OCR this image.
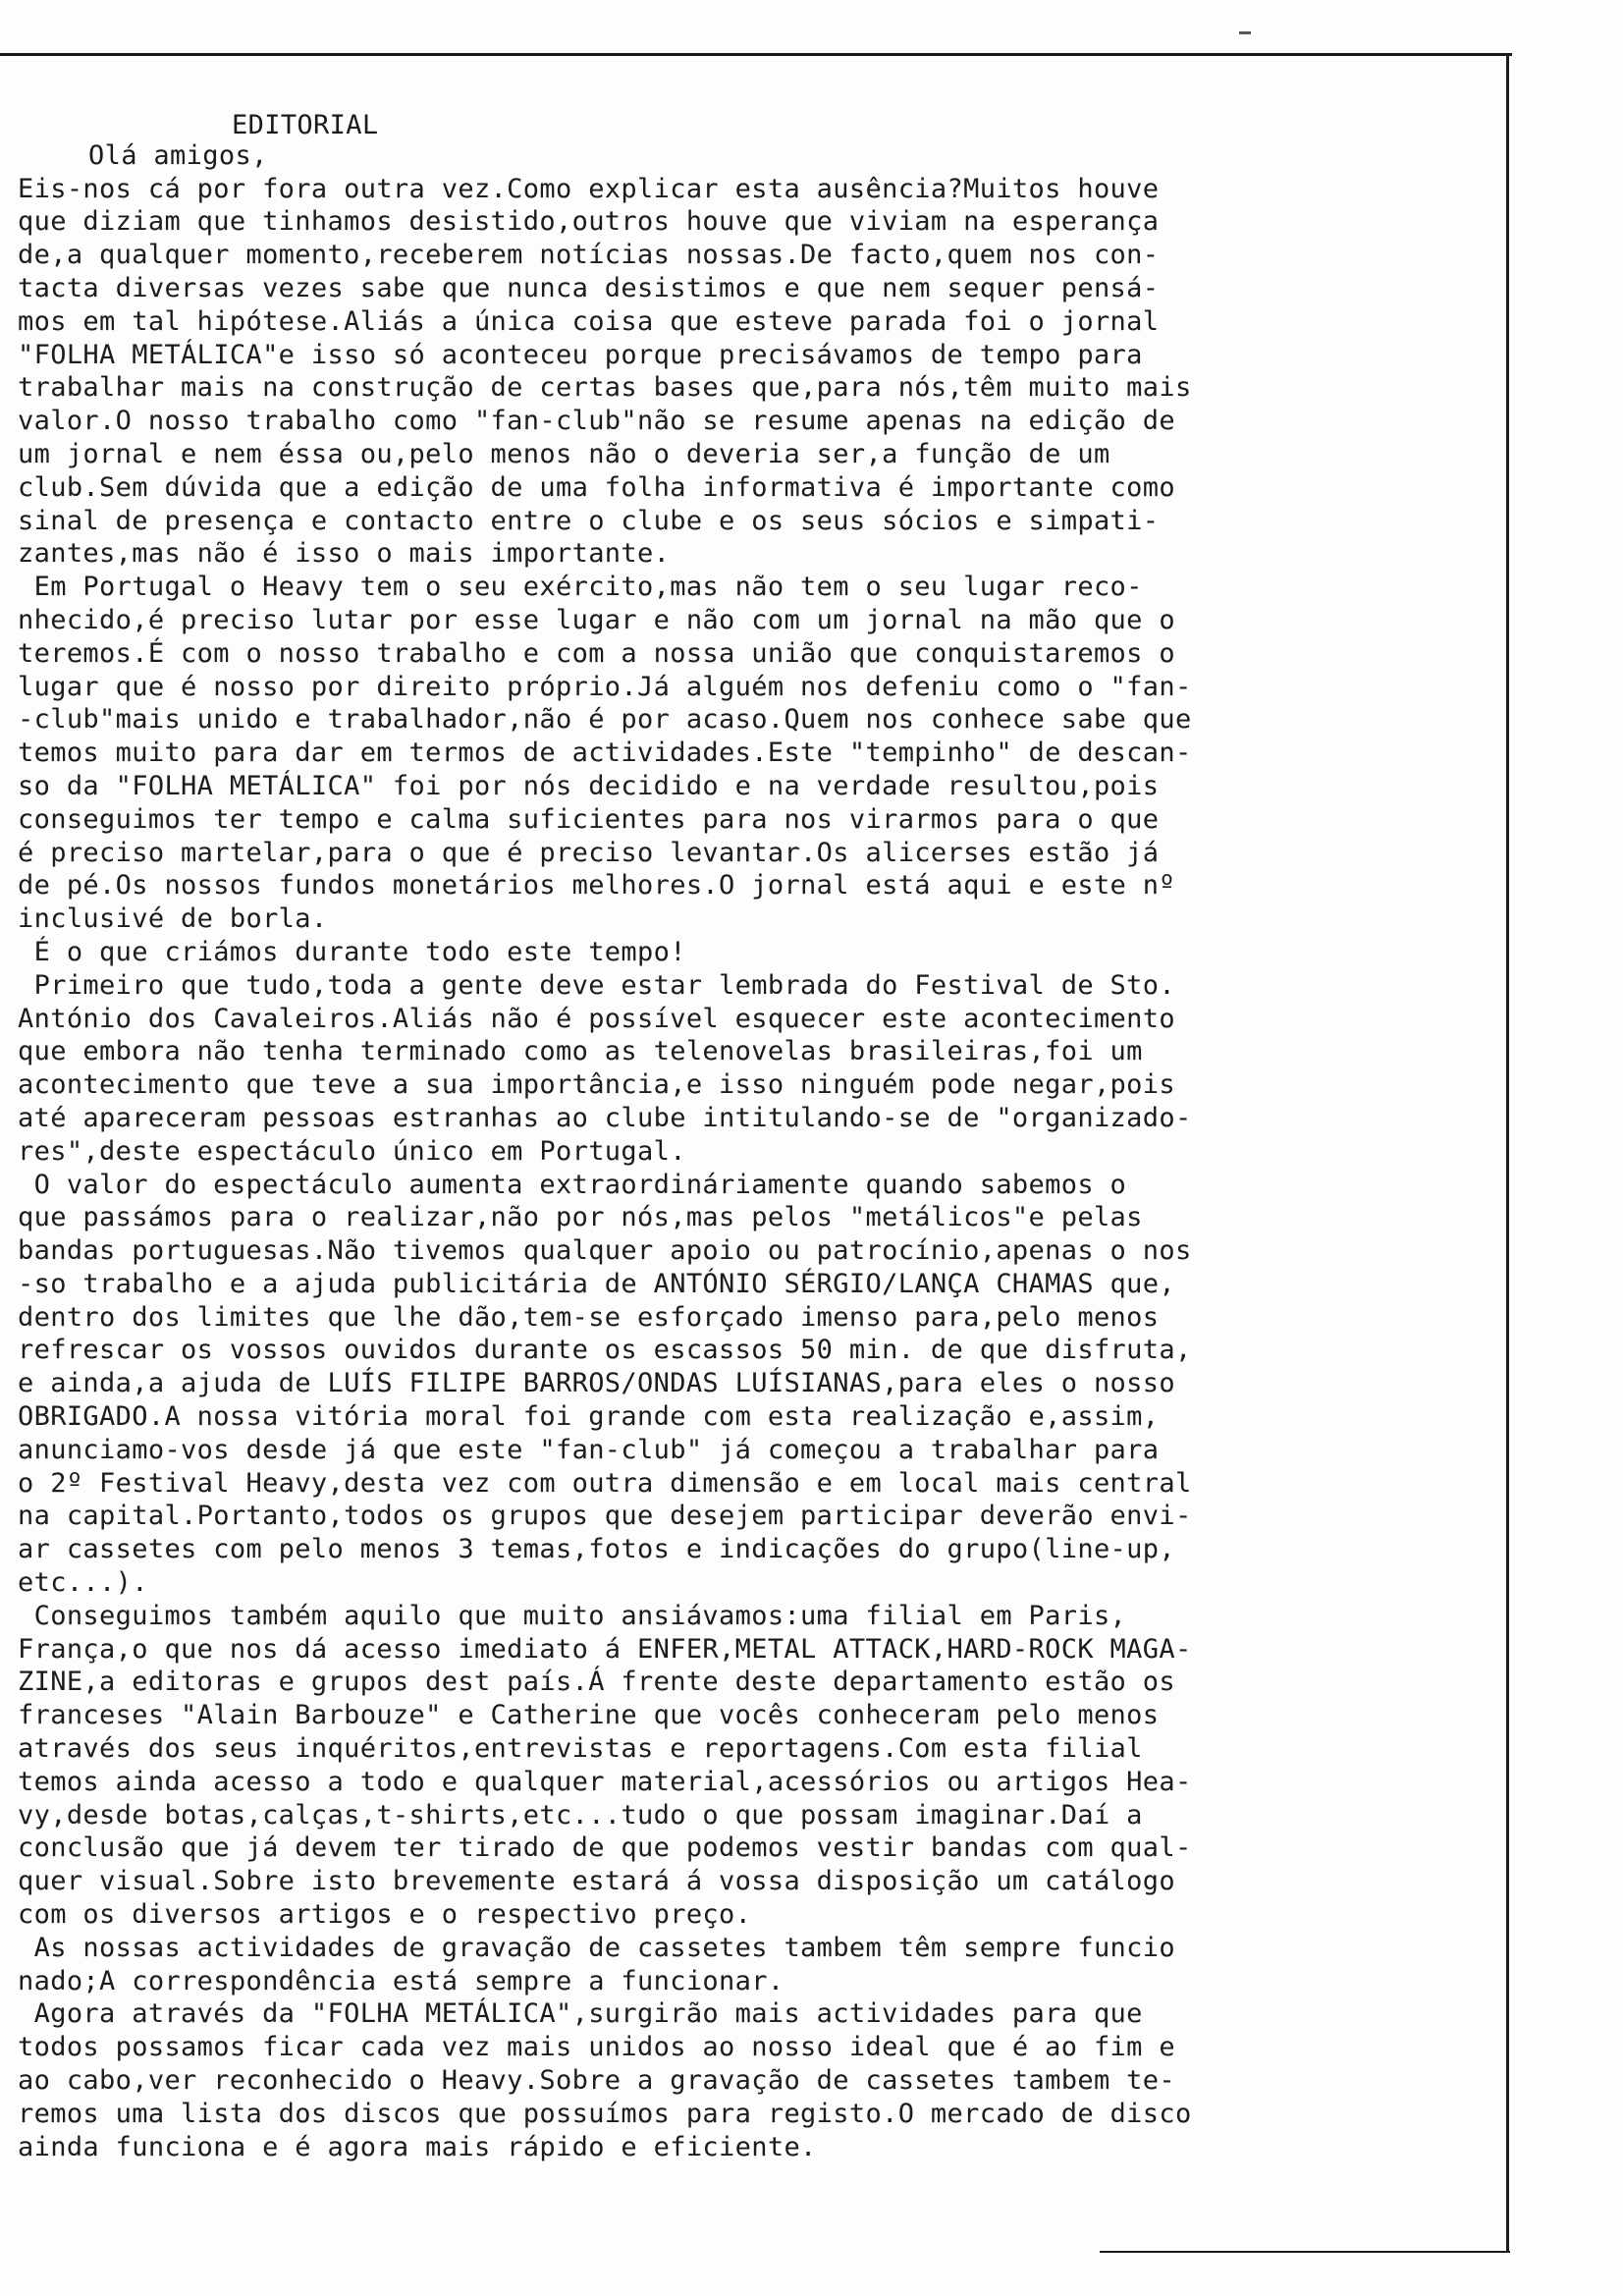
EDITORIAL
Olá amigos,
Eis-nos cá por fora outra vez.Como explicar esta ausência?Muitos houve
que diziam que tinhamos desistido,outros houve que viviam na esperança
de,a qualquer momento,receberem notícias nossas.De facto,quem nos con-
tacta diversas vezes sabe que nunca desistimos e que nem sequer pensá-
mos em tal hipótese.Aliás a única coisa que esteve parada foi o jornal
"FOLHA METÁLICA"e isso só aconteceu porque precisávamos de tempo para
trabalhar mais na construção de certas bases que,para nós,têm muito mais
valor.O nosso trabalho como "fan-club"não se resume apenas na edição de
um jornal e nem éssa ou,pelo menos não o deveria ser,a função de um
club.Sem dúvida que a edição de uma folha informativa é importante como
sinal de presença e contacto entre o clube e os seus sócios e simpati-
zantes,mas não é isso o mais importante.
Em Portugal o Heavy tem o seu exército,mas não tem o seu lugar reco-
nhecido,é preciso lutar por esse lugar e não com um jornal na mão que o
teremos.É com o nosso trabalho e com a nossa união que conquistaremos o
lugar que é nosso por direito próprio.Já alguém nos defeniu como o "fan-
-club"mais unido e trabalhador,não é por acaso.Quem nos conhece sabe que
temos muito para dar em termos de actividades.Este "tempinho" de descan-
so da "FOLHA METÁLICA" foi por nós decidido e na verdade resultou,pois
conseguimos ter tempo e calma suficientes para nos virarmos para o que
é preciso martelar,para o que é preciso levantar.Os alicerses estão já
de pé.Os nossos fundos monetários melhores.O jornal está aqui e este nº
inclusivé de borla.
É o que criámos durante todo este tempo!
Primeiro que tudo,toda a gente deve estar lembrada do Festival de Sto.
António dos Cavaleiros.Aliás não é possível esquecer este acontecimento
que embora não tenha terminado como as telenovelas brasileiras,foi um
acontecimento que teve a sua importância,e isso ninguém pode negar,pois
até apareceram pessoas estranhas ao clube intitulando-se de "organizado-
res",deste espectáculo único em Portugal.
O valor do espectáculo aumenta extraordináriamente quando sabemos o
que passámos para o realizar,não por nós,mas pelos "metálicos"e pelas
bandas portuguesas.Não tivemos qualquer apoio ou patrocínio,apenas o nos
-so trabalho e a ajuda publicitária de ANTÓNIO SÉRGIO/LANÇA CHAMAS que,
dentro dos limites que lhe dão,tem-se esforçado imenso para,pelo menos
refrescar os vossos ouvidos durante os escassos 50 min. de que disfruta,
e ainda,a ajuda de LUÍS FILIPE BARROS/ONDAS LUÍSIANAS,para eles o nosso
OBRIGADO.A nossa vitória moral foi grande com esta realização e,assim,
anunciamo-vos desde já que este "fan-club" já começou a trabalhar para
o 2º Festival Heavy,desta vez com outra dimensão e em local mais central
na capital.Portanto,todos os grupos que desejem participar deverão envi-
ar cassetes com pelo menos 3 temas,fotos e indicações do grupo(line-up,
etc...).
Conseguimos também aquilo que muito ansiávamos:uma filial em Paris,
França,o que nos dá acesso imediato á ENFER,METAL ATTACK,HARD-ROCK MAGA-
ZINE,a editoras e grupos dest país.Á frente deste departamento estão os
franceses "Alain Barbouze" e Catherine que vocês conheceram pelo menos
através dos seus inquéritos,entrevistas e reportagens.Com esta filial
temos ainda acesso a todo e qualquer material,acessórios ou artigos Hea-
vy,desde botas,calças,t-shirts,etc...tudo o que possam imaginar.Daí a
conclusão que já devem ter tirado de que podemos vestir bandas com qual-
quer visual.Sobre isto brevemente estará á vossa disposição um catálogo
com os diversos artigos e o respectivo preço.
As nossas actividades de gravação de cassetes tambem têm sempre funcio
nado;A correspondência está sempre a funcionar.
Agora através da "FOLHA METÁLICA",surgirão mais actividades para que
todos possamos ficar cada vez mais unidos ao nosso ideal que é ao fim e
ao cabo,ver reconhecido o Heavy.Sobre a gravação de cassetes tambem te-
remos uma lista dos discos que possuímos para registo.O mercado de disco
ainda funciona e é agora mais rápido e eficiente.
